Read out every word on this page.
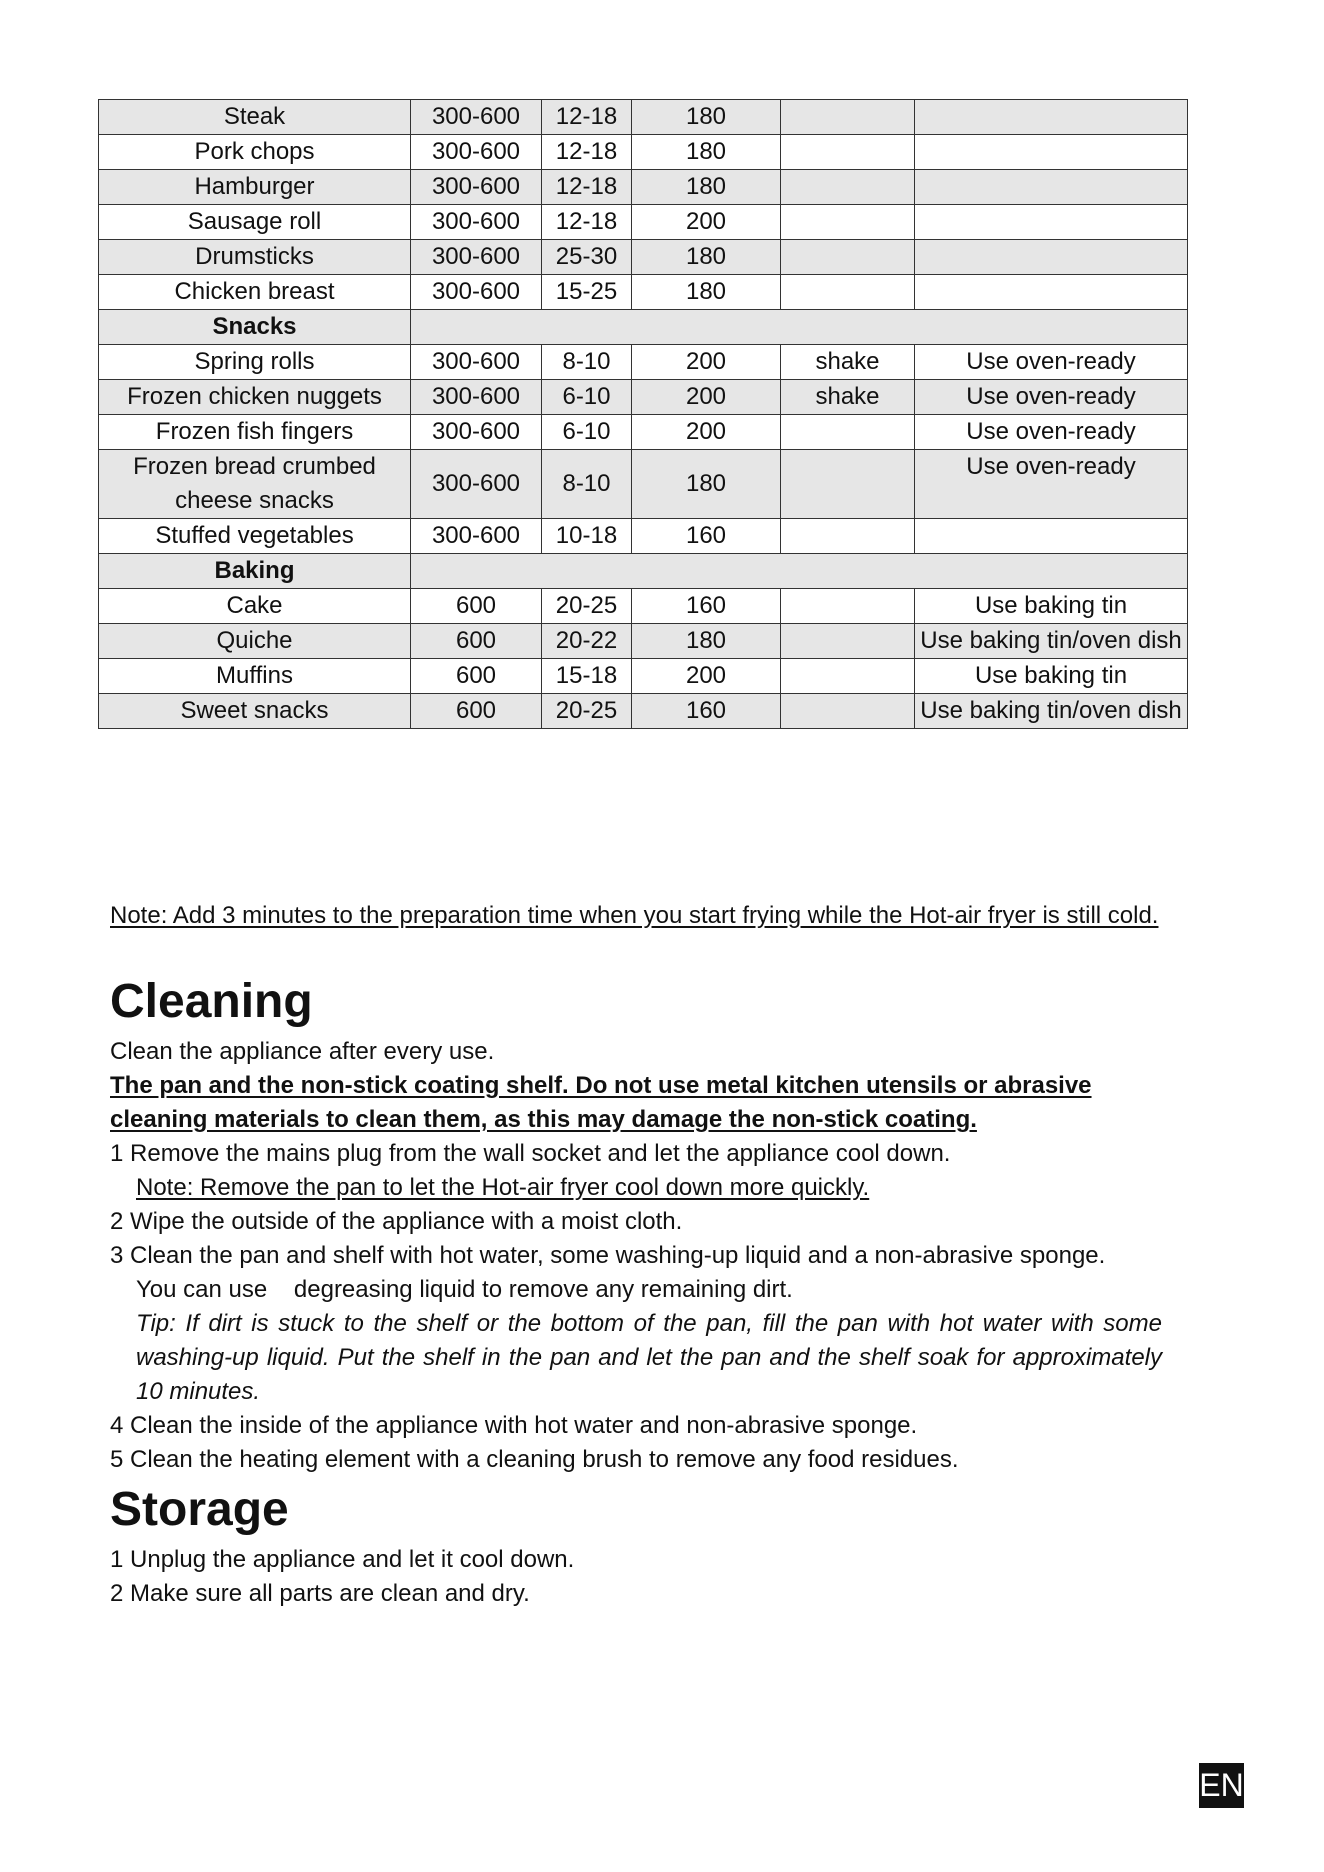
Steak	300-600	12-18	180		
Pork chops	300-600	12-18	180		
Hamburger	300-600	12-18	180		
Sausage roll	300-600	12-18	200		
Drumsticks	300-600	25-30	180		
Chicken breast	300-600	15-25	180		
Snacks					
Spring rolls	300-600	8-10	200	shake	Use oven-ready
Frozen chicken nuggets	300-600	6-10	200	shake	Use oven-ready
Frozen fish fingers	300-600	6-10	200		Use oven-ready
Frozen bread crumbed cheese snacks	300-600	8-10	180		Use oven-ready
Stuffed vegetables	300-600	10-18	160		
Baking					
Cake	600	20-25	160		Use baking tin
Quiche	600	20-22	180		Use baking tin/oven dish
Muffins	600	15-18	200		Use baking tin
Sweet snacks	600	20-25	160		Use baking tin/oven dish
Note: Add 3 minutes to the preparation time when you start frying while the Hot-air fryer is still cold.
Cleaning
Clean the appliance after every use.
The pan and the non-stick coating shelf. Do not use metal kitchen utensils or abrasive cleaning materials to clean them, as this may damage the non-stick coating.
1 Remove the mains plug from the wall socket and let the appliance cool down.
Note: Remove the pan to let the Hot-air fryer cool down more quickly.
2 Wipe the outside of the appliance with a moist cloth.
3 Clean the pan and shelf with hot water, some washing-up liquid and a non-abrasive sponge.
You can use    degreasing liquid to remove any remaining dirt.
Tip: If dirt is stuck to the shelf or the bottom of the pan, fill the pan with hot water with some washing-up liquid. Put the shelf in the pan and let the pan and the shelf soak for approximately 10 minutes.
4 Clean the inside of the appliance with hot water and non-abrasive sponge.
5 Clean the heating element with a cleaning brush to remove any food residues.
Storage
1 Unplug the appliance and let it cool down.
2 Make sure all parts are clean and dry.
EN
